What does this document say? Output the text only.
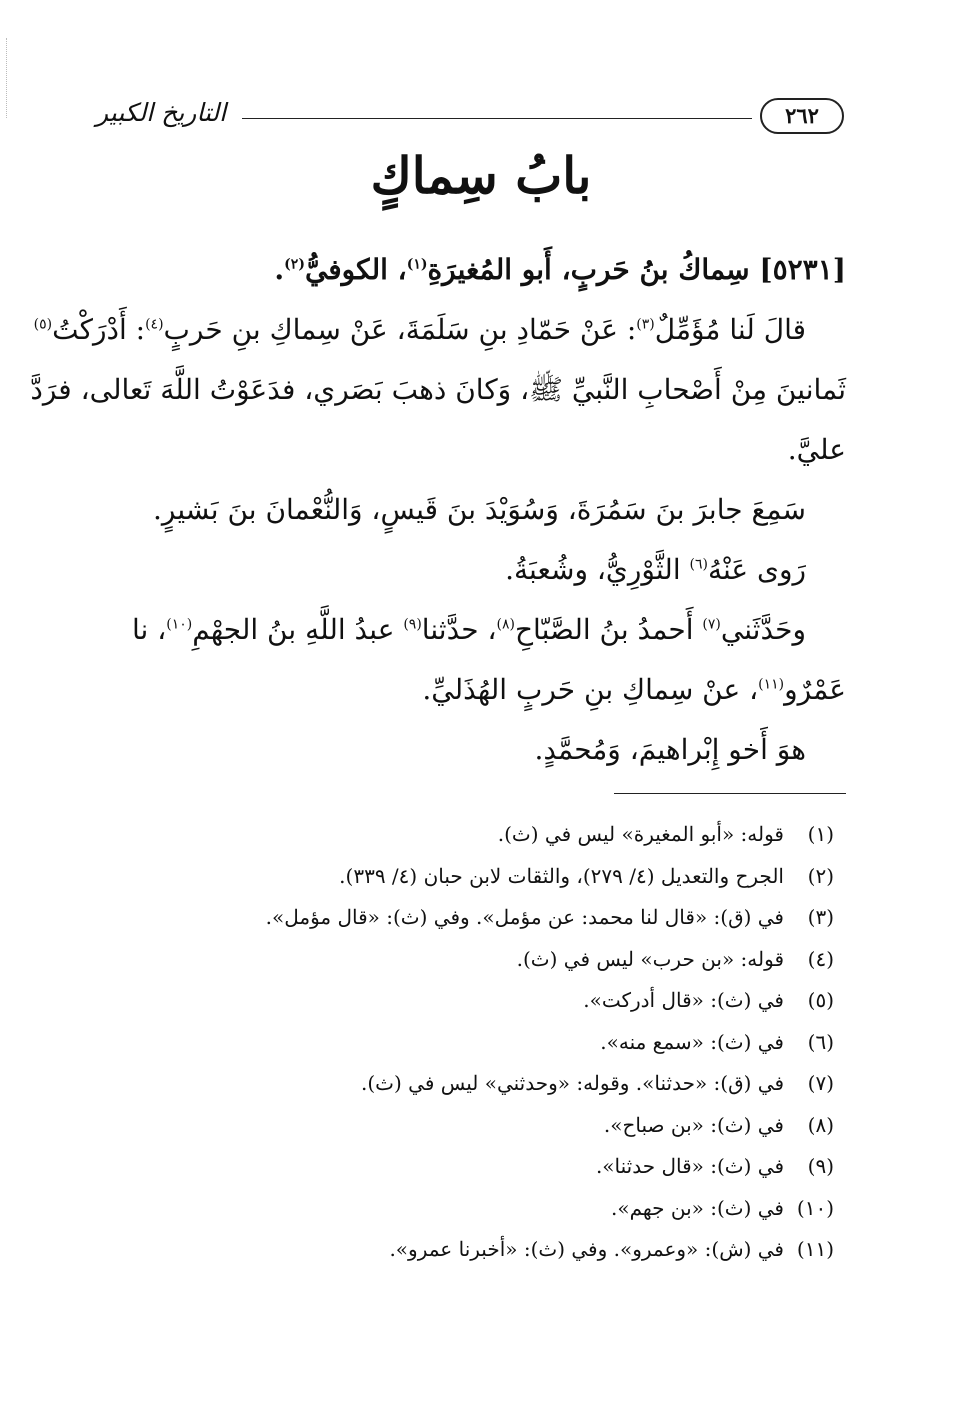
التاريخ الكبير	٢٦٢
بابُ سِماكٍ
[٥٢٣١] سِماكُ بنُ حَربٍ، أَبو المُغيرَةِ$^{(١)}$، الكوفيُّ$^{(٢)}$.
قالَ لَنا مُؤَمِّلٌ$^{(٣)}$: عَنْ حَمّادِ بنِ سَلَمَةَ، عَنْ سِماكِ بنِ حَربٍ$^{(٤)}$: أَدْرَكْتُ$^{(٥)}$
ثَمانينَ مِنْ أَصْحابِ النَّبيِّ ﷺ، وَكانَ ذهبَ بَصَري، فدَعَوْتُ اللَّهَ تَعالى، فرَدَّ
عليَّ.
سَمِعَ جابرَ بنَ سَمُرَةَ، وَسُوَيْدَ بنَ قَيسٍ، وَالنُّعْمانَ بنَ بَشيرٍ.
رَوى عَنْهُ$^{(٦)}$ الثَّوْرِيُّ، وشُعبَةُ.
وحَدَّثَني$^{(٧)}$ أَحمدُ بنُ الصَّبّاحِ$^{(٨)}$، حدَّثنا$^{(٩)}$ عبدُ اللَّهِ بنُ الجهْمِ$^{(١٠)}$، نا
عَمْرٌو$^{(١١)}$، عنْ سِماكِ بنِ حَربٍ الهُذَليِّ.
هوَ أَخو إِبْراهيمَ، وَمُحمَّدٍ.
(١)قوله: «أبو المغيرة» ليس في (ث).
(٢)الجرح والتعديل (٤/ ٢٧٩)، والثقات لابن حبان (٤/ ٣٣٩).
(٣)في (ق): «قال لنا محمد: عن مؤمل». وفي (ث): «قال مؤمل».
(٤)قوله: «بن حرب» ليس في (ث).
(٥)في (ث): «قال أدركت».
(٦)في (ث): «سمع منه».
(٧)في (ق): «حدثنا». وقوله: «وحدثني» ليس في (ث).
(٨)في (ث): «بن صباح».
(٩)في (ث): «قال حدثنا».
(١٠)في (ث): «بن جهم».
(١١)في (ش): «وعمرو». وفي (ث): «أخبرنا عمرو».
